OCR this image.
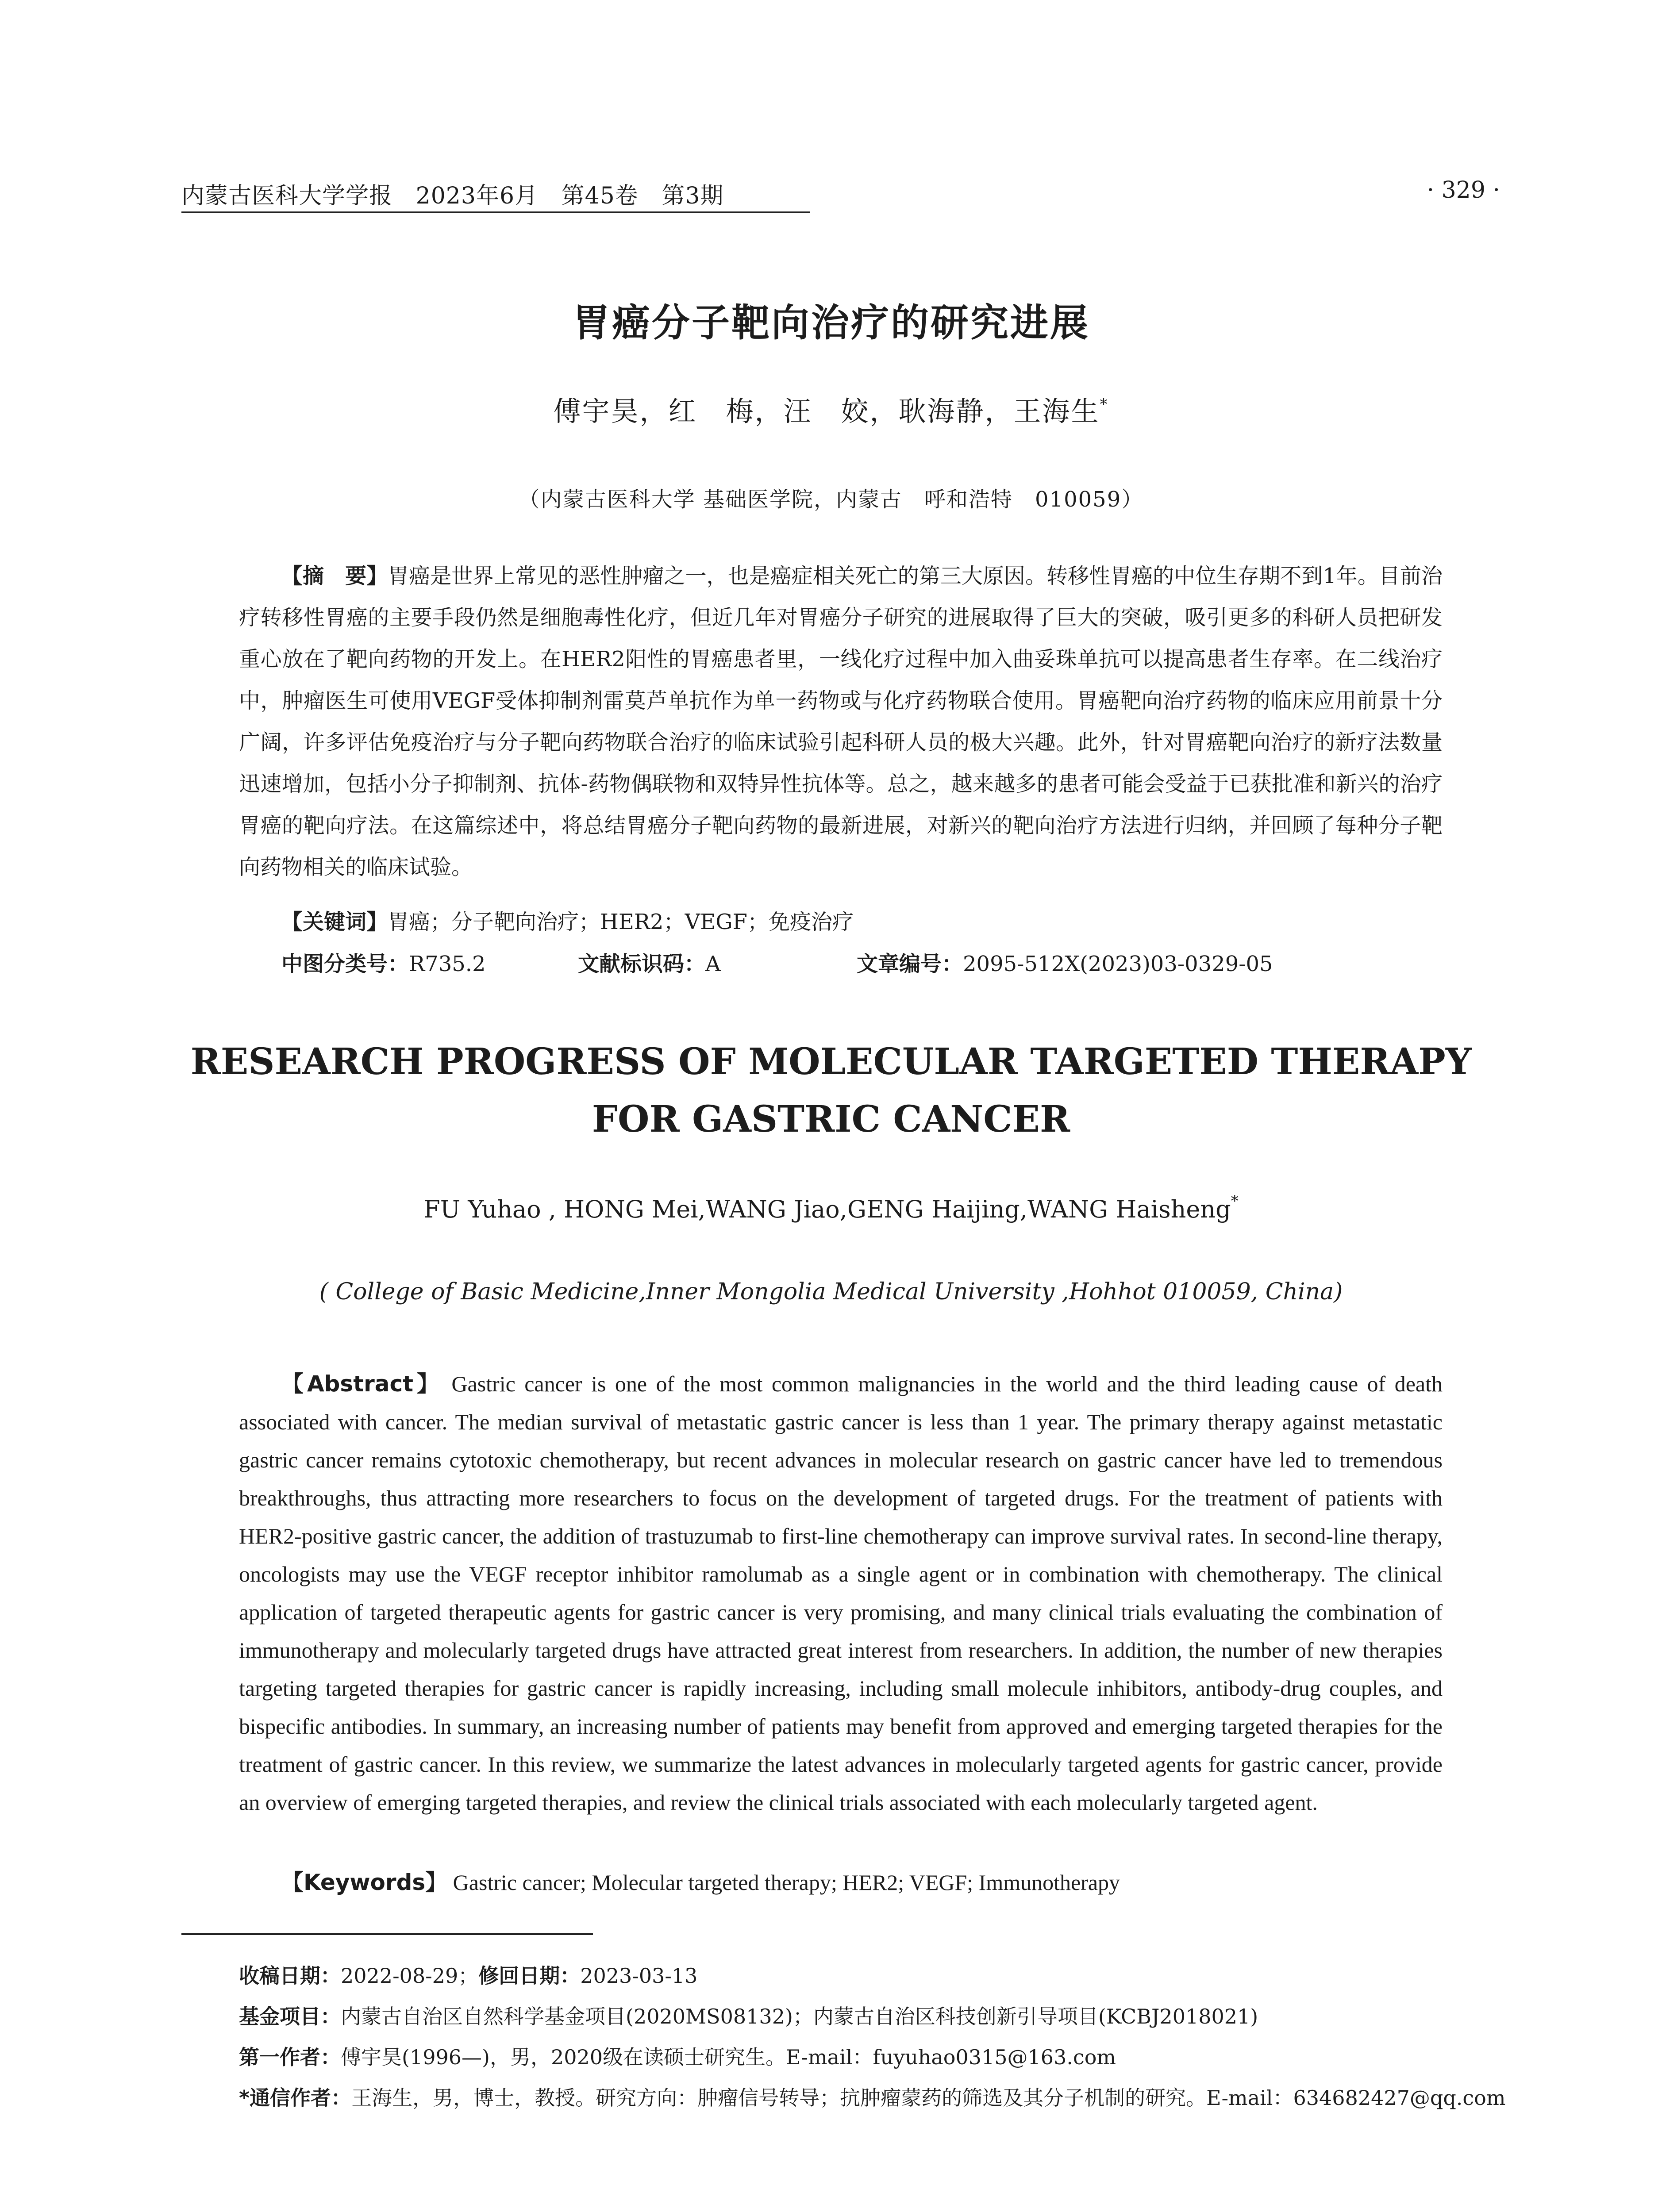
内蒙古医科大学学报 2023年6月 第45卷 第3期	· 329 ·
胃癌分子靶向治疗的研究进展
傅宇昊，红　梅，汪　姣，耿海静，王海生*
（内蒙古医科大学 基础医学院，内蒙古　呼和浩特　010059）

【摘　要】胃癌是世界上常见的恶性肿瘤之一，也是癌症相关死亡的第三大原因。转移性胃癌的中位生存期不到1年。目前治疗转移性胃癌的主要手段仍然是细胞毒性化疗，但近几年对胃癌分子研究的进展取得了巨大的突破，吸引更多的科研人员把研发重心放在了靶向药物的开发上。在HER2阳性的胃癌患者里，一线化疗过程中加入曲妥珠单抗可以提高患者生存率。在二线治疗中，肿瘤医生可使用VEGF受体抑制剂雷莫芦单抗作为单一药物或与化疗药物联合使用。胃癌靶向治疗药物的临床应用前景十分广阔，许多评估免疫治疗与分子靶向药物联合治疗的临床试验引起科研人员的极大兴趣。此外，针对胃癌靶向治疗的新疗法数量迅速增加，包括小分子抑制剂、抗体-药物偶联物和双特异性抗体等。总之，越来越多的患者可能会受益于已获批准和新兴的治疗胃癌的靶向疗法。在这篇综述中，将总结胃癌分子靶向药物的最新进展，对新兴的靶向治疗方法进行归纳，并回顾了每种分子靶向药物相关的临床试验。

【关键词】胃癌；分子靶向治疗；HER2；VEGF；免疫治疗
中图分类号：R735.2	文献标识码：A	文章编号：2095-512X(2023)03-0329-05
RESEARCH PROGRESS OF MOLECULAR TARGETED THERAPY
FOR GASTRIC CANCER
FU Yuhao , HONG Mei,WANG Jiao,GENG Haijing,WANG Haisheng*
( College of Basic Medicine,Inner Mongolia Medical University ,Hohhot 010059, China)

【Abstract】 Gastric cancer is one of the most common malignancies in the world and the third leading cause of death associated with cancer. The median survival of metastatic gastric cancer is less than 1 year. The primary therapy against metastatic gastric cancer remains cytotoxic chemotherapy, but recent advances in molecular research on gastric cancer have led to tremendous breakthroughs, thus attracting more researchers to focus on the development of targeted drugs. For the treatment of patients with HER2-positive gastric cancer, the addition of trastuzumab to first-line chemotherapy can improve survival rates. In second-line therapy, oncologists may use the VEGF receptor inhibitor ramolumab as a single agent or in combination with chemotherapy. The clinical application of targeted therapeutic agents for gastric cancer is very promising, and many clinical trials evaluating the combination of immunotherapy and molecularly targeted drugs have attracted great interest from researchers. In addition, the number of new therapies targeting targeted therapies for gastric cancer is rapidly increasing, including small molecule inhibitors, antibody-drug couples, and bispecific antibodies. In summary, an increasing number of patients may benefit from approved and emerging targeted therapies for the treatment of gastric cancer. In this review, we summarize the latest advances in molecularly targeted agents for gastric cancer, provide an overview of emerging targeted therapies, and review the clinical trials associated with each molecularly targeted agent.

【Keywords】 Gastric cancer; Molecular targeted therapy; HER2; VEGF; Immunotherapy
收稿日期：2022-08-29；修回日期：2023-03-13
基金项目：内蒙古自治区自然科学基金项目(2020MS08132)；内蒙古自治区科技创新引导项目(KCBJ2018021)
第一作者：傅宇昊(1996—)，男，2020级在读硕士研究生。E-mail：fuyuhao0315@163.com
*通信作者：王海生，男，博士，教授。研究方向：肿瘤信号转导；抗肿瘤蒙药的筛选及其分子机制的研究。E-mail：634682427@qq.com
